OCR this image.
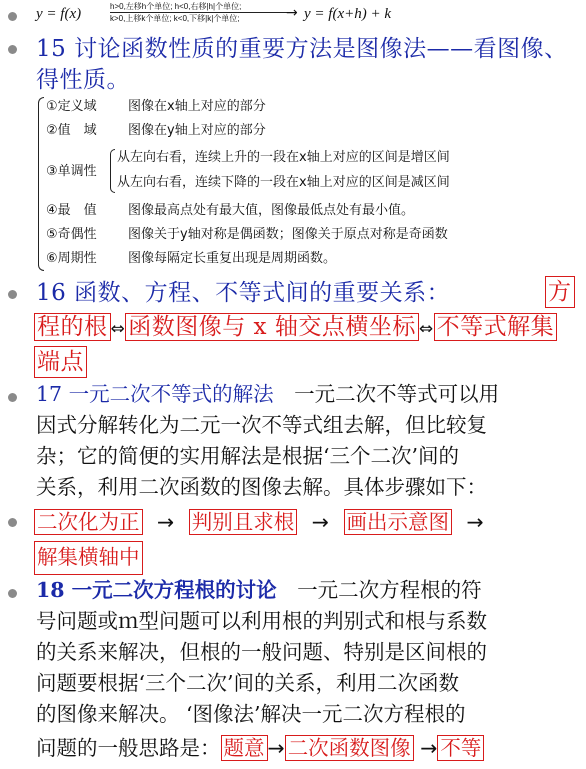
y = f(x)	h>0,左移h个单位; h<0,右移|h|个单位;
k>0,上移k个单位; k<0,下移|k|个单位;	→ y = f(x+h) + k
15 讨论函数性质的重要方法是图像法——看图像、
得性质。
①定义域 图像在x轴上对应的部分
②值　域 图像在y轴上对应的部分
③单调性
从左向右看，连续上升的一段在x轴上对应的区间是增区间
从左向右看，连续下降的一段在x轴上对应的区间是减区间
④最　值 图像最高点处有最大值，图像最低点处有最小值。
⑤奇偶性 图像关于y轴对称是偶函数；图像关于原点对称是奇函数
⑥周期性 图像每隔定长重复出现是周期函数。
16 函数、方程、不等式间的重要关系：	方
程的根 ⇔ 函数图像与 x 轴交点横坐标 ⇔ 不等式解集
端点
17 一元二次不等式的解法　 一元二次不等式可以用
因式分解转化为二元一次不等式组去解，但比较复
杂；它的简便的实用解法是根据‘三个二次’间的
关系，利用二次函数的图像去解。具体步骤如下：
二次化为正 → 判别且求根 → 画出示意图 →
解集横轴中
18 一元二次方程根的讨论　 一元二次方程根的符
号问题或ｍ型问题可以利用根的判别式和根与系数
的关系来解决，但根的一般问题、特别是区间根的
问题要根据‘三个二次’间的关系，利用二次函数
的图像来解决。 ‘图像法’解决一元二次方程根的
问题的一般思路是： 题意 → 二次函数图像 → 不等
